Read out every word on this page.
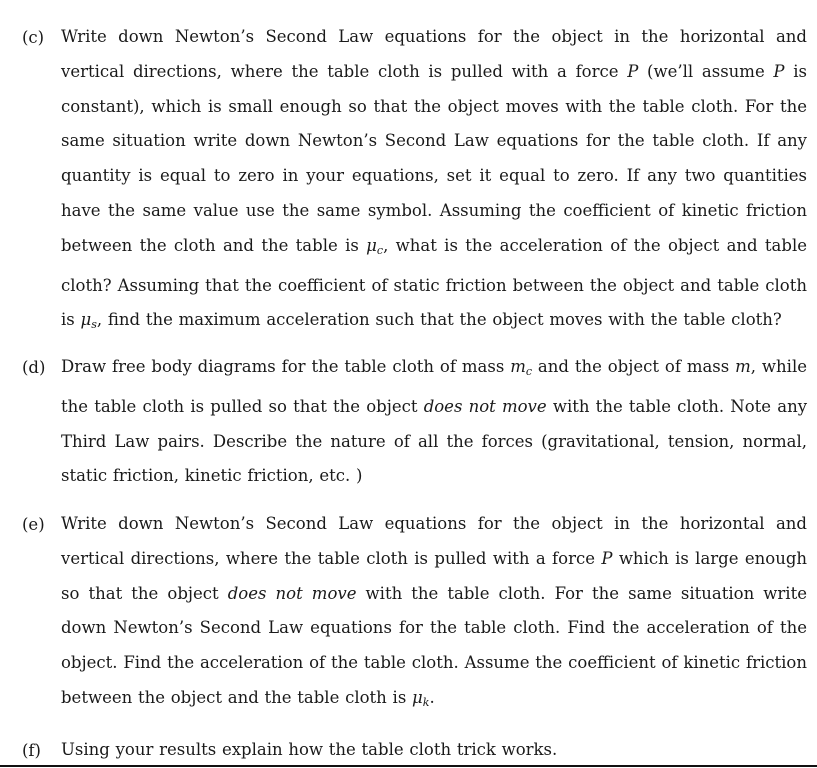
(c) Write down Newton’s Second Law equations for the object in the horizontal and vertical directions, where the table cloth is pulled with a force P (we’ll assume P is constant), which is small enough so that the object moves with the table cloth. For the same situation write down Newton’s Second Law equations for the table cloth. If any quantity is equal to zero in your equations, set it equal to zero. If any two quantities have the same value use the same symbol. Assuming the coefficient of kinetic friction between the cloth and the table is $\mu_c$, what is the acceleration of the object and table cloth? Assuming that the coefficient of static friction between the object and table cloth is $\mu_s$, find the maximum acceleration such that the object moves with the table cloth?
(d) Draw free body diagrams for the table cloth of mass $m_c$ and the object of mass m, while the table cloth is pulled so that the object does not move with the table cloth. Note any Third Law pairs. Describe the nature of all the forces (gravitational, tension, normal, static friction, kinetic friction, etc. )
(e) Write down Newton’s Second Law equations for the object in the horizontal and vertical directions, where the table cloth is pulled with a force P which is large enough so that the object does not move with the table cloth. For the same situation write down Newton’s Second Law equations for the table cloth. Find the acceleration of the object. Find the acceleration of the table cloth. Assume the coefficient of kinetic friction between the object and the table cloth is $\mu_k$.
(f) Using your results explain how the table cloth trick works.
